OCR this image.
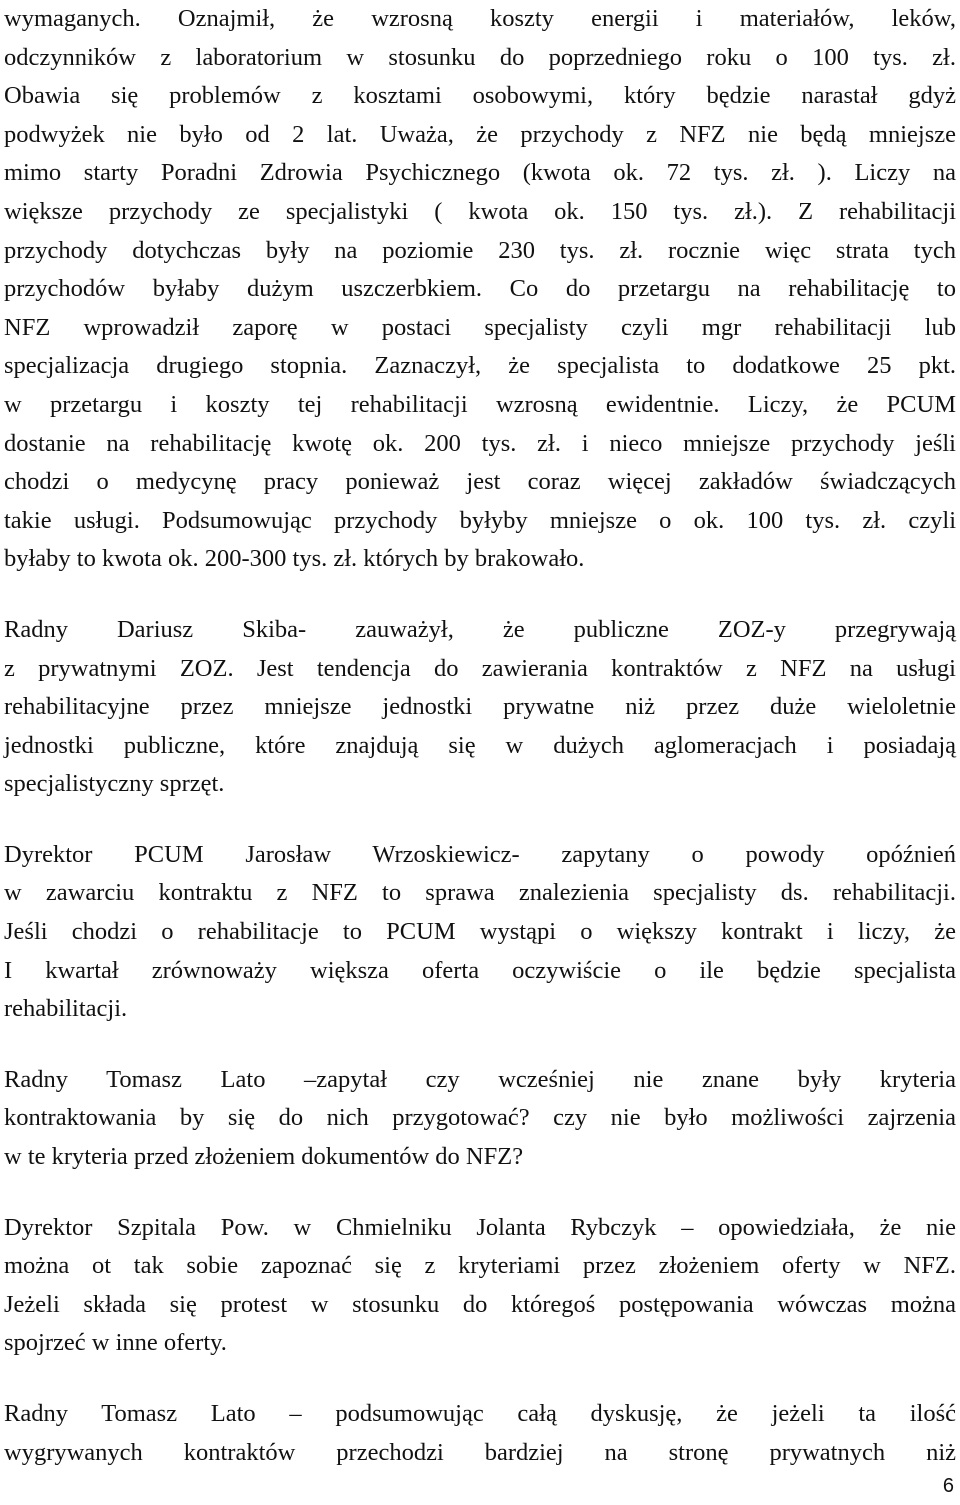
wymaganych. Oznajmił, że wzrosną koszty energii i materiałów, leków,
odczynników z laboratorium w stosunku do poprzedniego roku o 100 tys. zł.
Obawia się problemów z kosztami osobowymi, który będzie narastał gdyż
podwyżek nie było od 2 lat. Uważa, że przychody z NFZ nie będą mniejsze
mimo starty Poradni Zdrowia Psychicznego (kwota ok. 72 tys. zł. ). Liczy na
większe przychody ze specjalistyki ( kwota ok. 150 tys. zł.). Z rehabilitacji
przychody dotychczas były na poziomie 230 tys. zł. rocznie więc strata tych
przychodów byłaby dużym uszczerbkiem. Co do przetargu na rehabilitację to
NFZ wprowadził zaporę w postaci specjalisty czyli mgr rehabilitacji lub
specjalizacja drugiego stopnia. Zaznaczył, że specjalista to dodatkowe 25 pkt.
w przetargu i koszty tej rehabilitacji wzrosną ewidentnie. Liczy, że PCUM
dostanie na rehabilitację kwotę ok. 200 tys. zł. i nieco mniejsze przychody jeśli
chodzi o medycynę pracy ponieważ jest coraz więcej zakładów świadczących
takie usługi. Podsumowując przychody byłyby mniejsze o ok. 100 tys. zł. czyli
byłaby to kwota ok. 200-300 tys. zł. których by brakowało.
Radny Dariusz Skiba- zauważył, że publiczne ZOZ-y przegrywają
z prywatnymi ZOZ. Jest tendencja do zawierania kontraktów z NFZ na usługi
rehabilitacyjne przez mniejsze jednostki prywatne niż przez duże wieloletnie
jednostki publiczne, które znajdują się w dużych aglomeracjach i posiadają
specjalistyczny sprzęt.
Dyrektor PCUM Jarosław Wrzoskiewicz- zapytany o powody opóźnień
w zawarciu kontraktu z NFZ to sprawa znalezienia specjalisty ds. rehabilitacji.
Jeśli chodzi o rehabilitacje to PCUM wystąpi o większy kontrakt i liczy, że
I kwartał zrównoważy większa oferta oczywiście o ile będzie specjalista
rehabilitacji.
Radny Tomasz Lato –zapytał czy wcześniej nie znane były kryteria
kontraktowania by się do nich przygotować? czy nie było możliwości zajrzenia
w te kryteria przed złożeniem dokumentów do NFZ?
Dyrektor Szpitala Pow. w Chmielniku Jolanta Rybczyk – opowiedziała, że nie
można ot tak sobie zapoznać się z kryteriami przez złożeniem oferty w NFZ.
Jeżeli składa się protest w stosunku do któregoś postępowania wówczas można
spojrzeć w inne oferty.
Radny Tomasz Lato – podsumowując całą dyskusję, że jeżeli ta ilość
wygrywanych kontraktów przechodzi bardziej na stronę prywatnych niż
6
